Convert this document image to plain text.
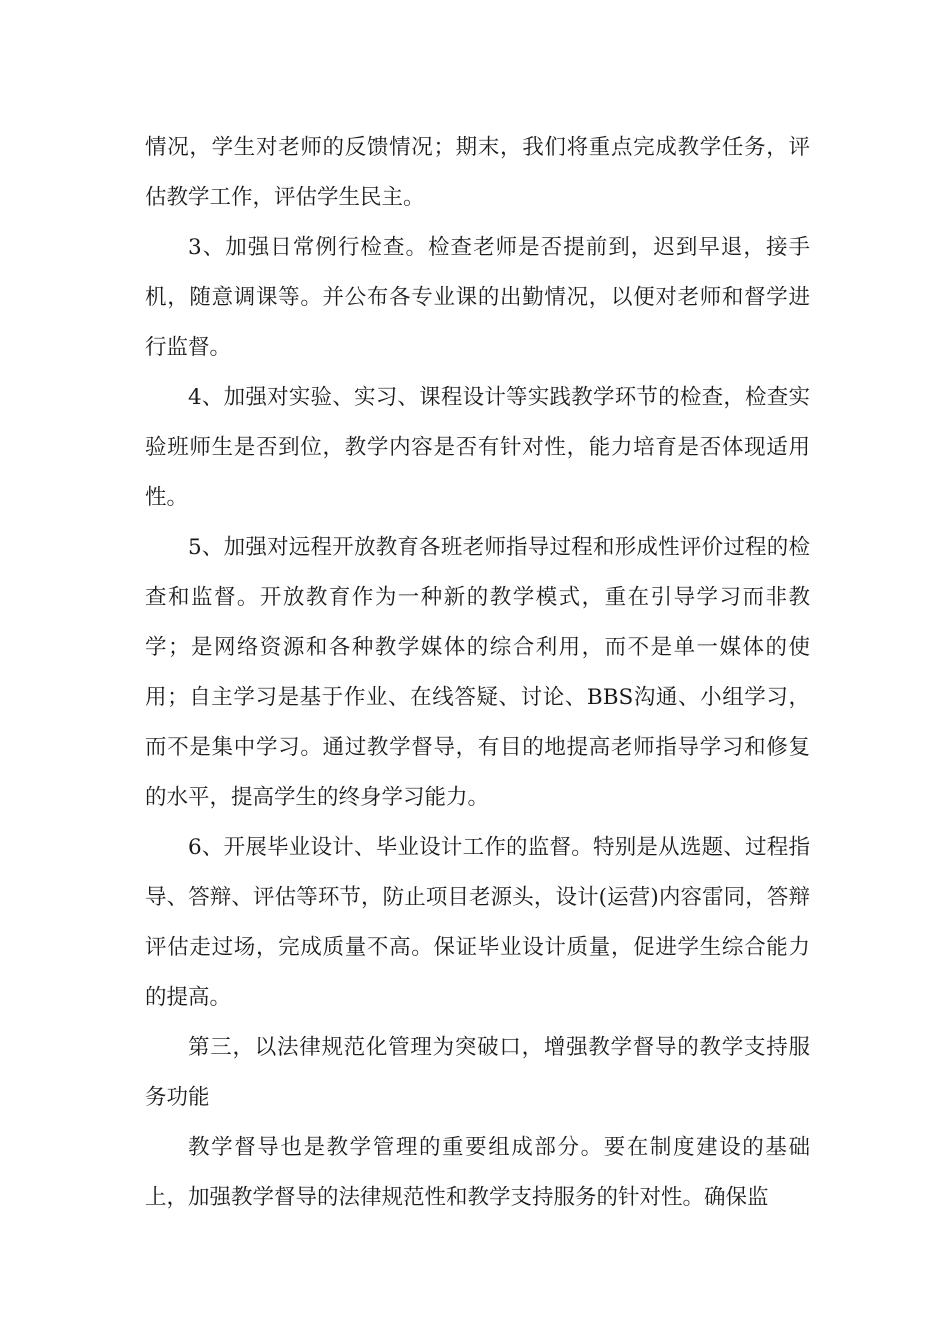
情况，学生对老师的反馈情况；期末，我们将重点完成教学任务，评估教学工作，评估学生民主。

3、加强日常例行检查。检查老师是否提前到，迟到早退，接手机，随意调课等。并公布各专业课的出勤情况，以便对老师和督学进行监督。

4、加强对实验、实习、课程设计等实践教学环节的检查，检查实验班师生是否到位，教学内容是否有针对性，能力培育是否体现适用性。

5、加强对远程开放教育各班老师指导过程和形成性评价过程的检查和监督。开放教育作为一种新的教学模式，重在引导学习而非教学；是网络资源和各种教学媒体的综合利用，而不是单一媒体的使用；自主学习是基于作业、在线答疑、讨论、BBS沟通、小组学习，而不是集中学习。通过教学督导，有目的地提高老师指导学习和修复的水平，提高学生的终身学习能力。

6、开展毕业设计、毕业设计工作的监督。特别是从选题、过程指导、答辩、评估等环节，防止项目老源头，设计(运营)内容雷同，答辩评估走过场，完成质量不高。保证毕业设计质量，促进学生综合能力的提高。

第三，以法律规范化管理为突破口，增强教学督导的教学支持服务功能

教学督导也是教学管理的重要组成部分。要在制度建设的基础上，加强教学督导的法律规范性和教学支持服务的针对性。确保监
